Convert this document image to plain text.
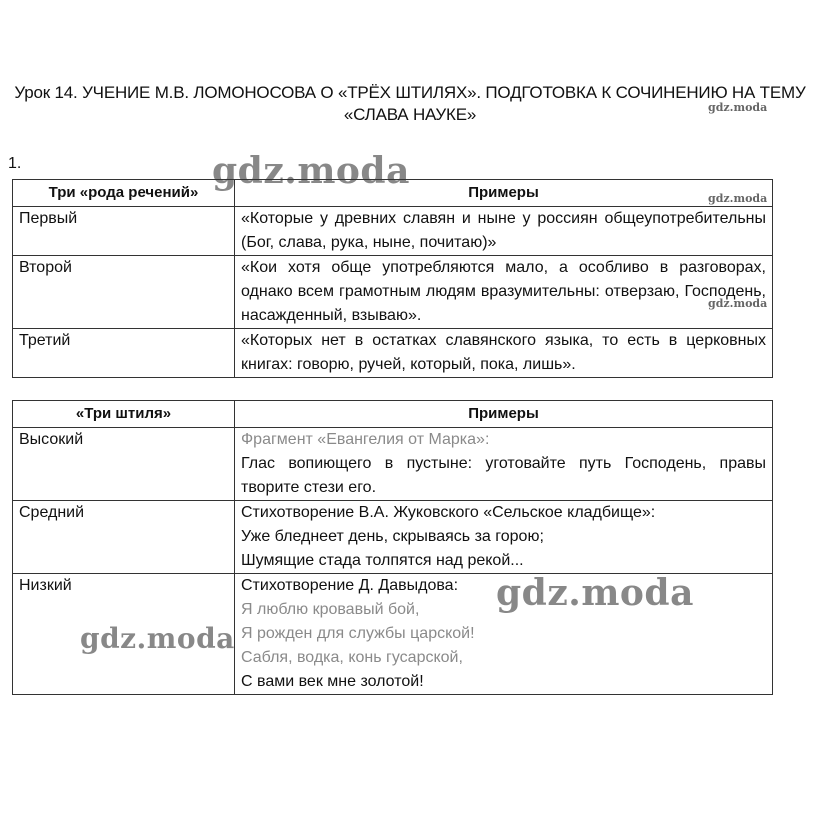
Урок 14. УЧЕНИЕ М.В. ЛОМОНОСОВА О «ТРЁХ ШТИЛЯХ». ПОДГОТОВКА К СОЧИНЕНИЮ НА ТЕМУ «СЛАВА НАУКЕ»	gdz.moda
1.	gdz.moda
gdz.moda
gdz.moda
Три «рода речений»	Примеры
Первый	«Которые у древних славян и ныне у россиян общеупотребительны (Бог, слава, рука, ныне, почитаю)»
Второй	«Кои хотя обще употребляются мало, а особливо в разговорах, однако всем грамотным людям вразумительны: отверзаю, Господень, насажденный, взываю».
Третий	«Которых нет в остатках славянского языка, то есть в церковных книгах: говорю, ручей, который, пока, лишь».
«Три штиля»	Примеры
Высокий	Фрагмент «Евангелия от Марка»:
Глас вопиющего в пустыне: уготовайте путь Господень, правы творите стези его.

Средний	Стихотворение В.А. Жуковского «Сельское кладбище»:
Уже бледнеет день, скрываясь за горою;
Шумящие стада толпятся над рекой...

Низкий	Стихотворение Д. Давыдова:
Я люблю кровавый бой,
Я рожден для службы царской!
Сабля, водка, конь гусарской,
С вами век мне золотой!
gdz.moda
gdz.moda
